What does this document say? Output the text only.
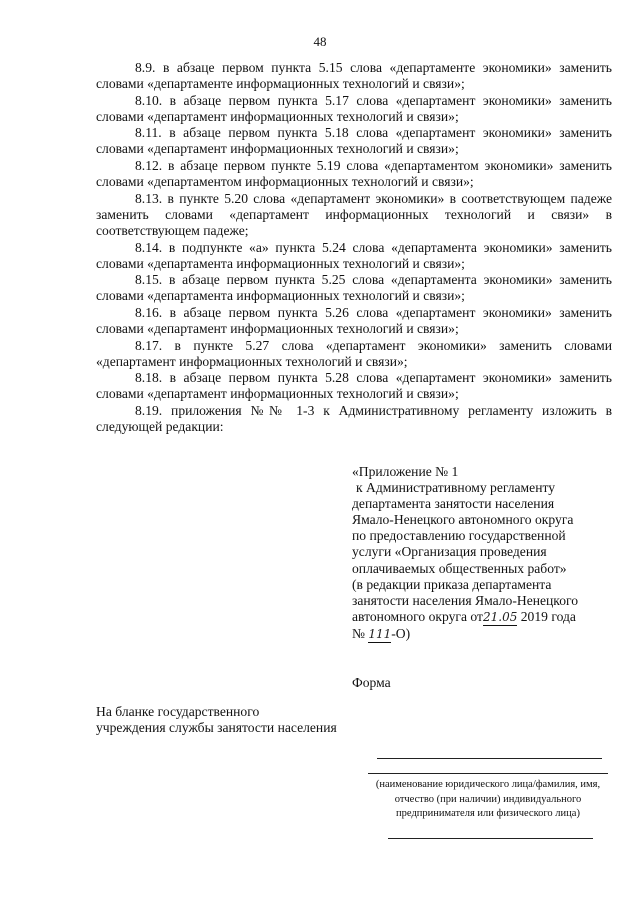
48

8.9. в абзаце первом пункта 5.15 слова «департаменте экономики» заменить словами «департаменте информационных технологий и связи»;

8.10. в абзаце первом пункта 5.17 слова «департамент экономики» заменить словами «департамент информационных технологий и связи»;

8.11. в абзаце первом пункта 5.18 слова «департамент экономики» заменить словами «департамент информационных технологий и связи»;

8.12. в абзаце первом пункте 5.19 слова «департаментом экономики» заменить словами «департаментом информационных технологий и связи»;

8.13. в пункте 5.20 слова «департамент экономики» в соответствующем падеже заменить словами «департамент информационных технологий и связи» в соответствующем падеже;

8.14. в подпункте «а» пункта 5.24 слова «департамента экономики» заменить словами «департамента информационных технологий и связи»;

8.15. в абзаце первом пункта 5.25 слова «департамента экономики» заменить словами «департамента информационных технологий и связи»;

8.16. в абзаце первом пункта 5.26 слова «департамент экономики» заменить словами «департамент информационных технологий и связи»;

8.17. в пункте 5.27 слова «департамент экономики» заменить словами «департамент информационных технологий и связи»;

8.18. в абзаце первом пункта 5.28 слова «департамент экономики» заменить словами «департамент информационных технологий и связи»;

8.19. приложения №№ 1-3 к Административному регламенту изложить в следующей редакции:

«Приложение № 1
к Административному регламенту
департамента занятости населения
Ямало-Ненецкого автономного округа
по предоставлению государственной
услуги «Организация проведения
оплачиваемых общественных работ»
(в редакции приказа департамента
занятости населения Ямало-Ненецкого
автономного округа от21.05 2019 года
№ 111-О)
Форма
На бланке государственного
учреждения службы занятости населения
(наименование юридического лица/фамилия, имя, отчество (при наличии) индивидуального предпринимателя или физического лица)
